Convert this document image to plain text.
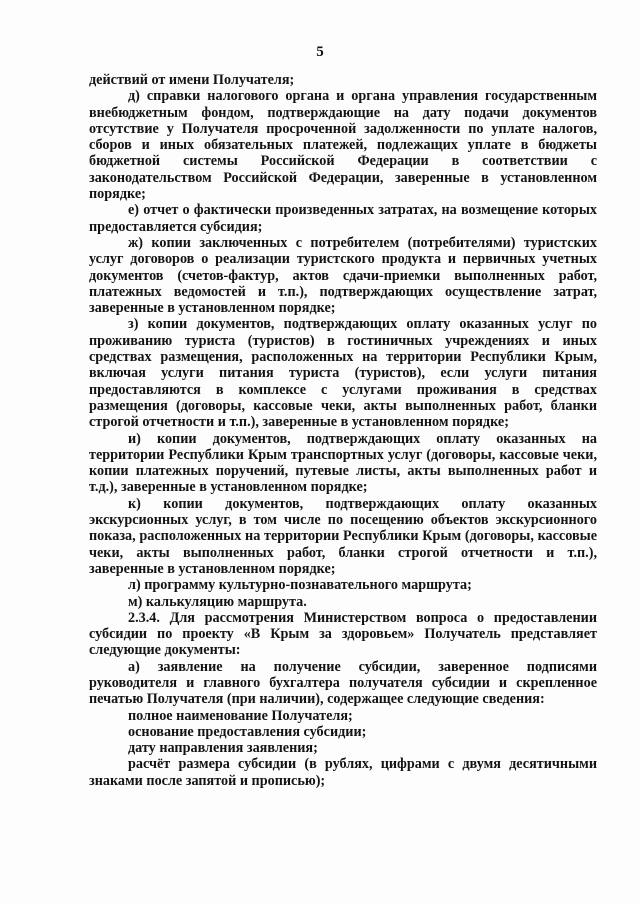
5

действий от имени Получателя;

д) справки налогового органа и органа управления государственным внебюджетным фондом, подтверждающие на дату подачи документов отсутствие у Получателя просроченной задолженности по уплате налогов, сборов и иных обязательных платежей, подлежащих уплате в бюджеты бюджетной системы Российской Федерации в соответствии с законодательством Российской Федерации, заверенные в установленном порядке;

е) отчет о фактически произведенных затратах, на возмещение которых предоставляется субсидия;

ж) копии заключенных с потребителем (потребителями) туристских услуг договоров о реализации туристского продукта и первичных учетных документов (счетов-фактур, актов сдачи-приемки выполненных работ, платежных ведомостей и т.п.), подтверждающих осуществление затрат, заверенные в установленном порядке;

з) копии документов, подтверждающих оплату оказанных услуг по проживанию туриста (туристов) в гостиничных учреждениях и иных средствах размещения, расположенных на территории Республики Крым, включая услуги питания туриста (туристов), если услуги питания предоставляются в комплексе с услугами проживания в средствах размещения (договоры, кассовые чеки, акты выполненных работ, бланки строгой отчетности и т.п.), заверенные в установленном порядке;

и) копии документов, подтверждающих оплату оказанных на территории Республики Крым транспортных услуг (договоры, кассовые чеки, копии платежных поручений, путевые листы, акты выполненных работ и т.д.), заверенные в установленном порядке;

к) копии документов, подтверждающих оплату оказанных экскурсионных услуг, в том числе по посещению объектов экскурсионного показа, расположенных на территории Республики Крым (договоры, кассовые чеки, акты выполненных работ, бланки строгой отчетности и т.п.), заверенные в установленном порядке;

л) программу культурно-познавательного маршрута;

м) калькуляцию маршрута.

2.3.4. Для рассмотрения Министерством вопроса о предоставлении субсидии по проекту «В Крым за здоровьем» Получатель представляет следующие документы:

а) заявление на получение субсидии, заверенное подписями руководителя и главного бухгалтера получателя субсидии и скрепленное печатью Получателя (при наличии), содержащее следующие сведения:

полное наименование Получателя;

основание предоставления субсидии;

дату направления заявления;

расчёт размера субсидии (в рублях, цифрами с двумя десятичными знаками после запятой и прописью);
